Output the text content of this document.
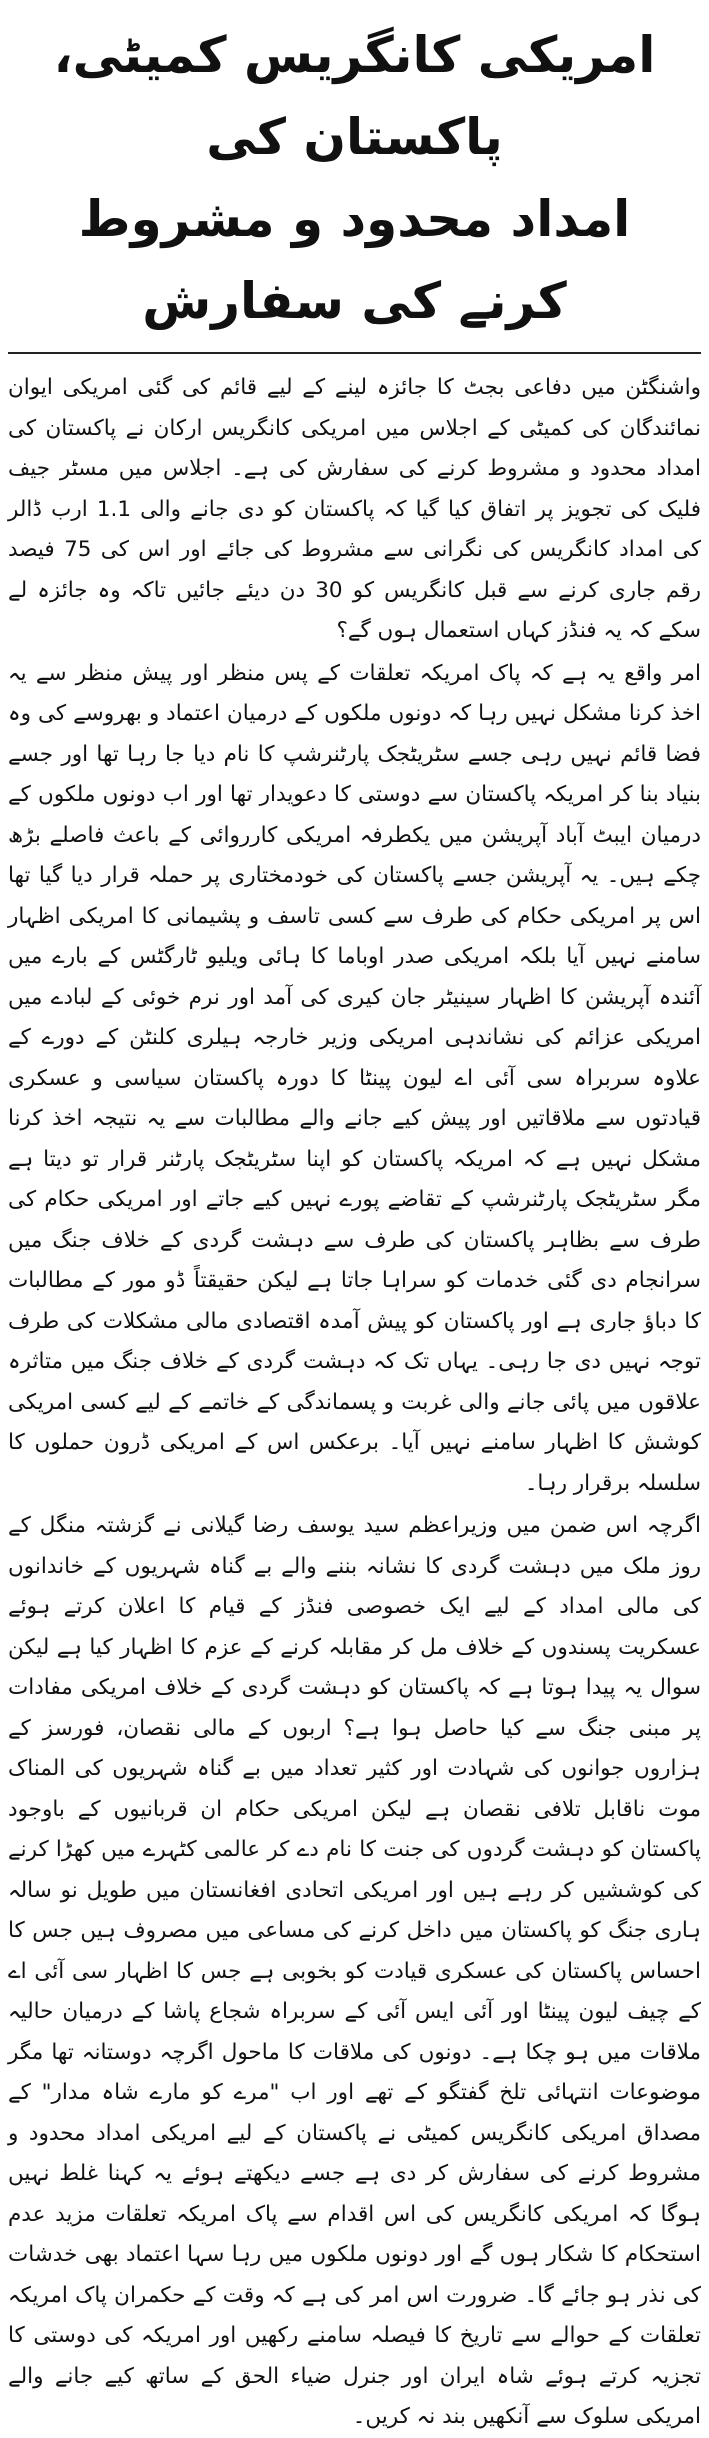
امریکی کانگریس کمیٹی، پاکستان کی
امداد محدود و مشروط کرنے کی سفارش

واشنگٹن میں دفاعی بجٹ کا جائزہ لینے کے لیے قائم کی گئی امریکی ایوان نمائندگان کی کمیٹی کے اجلاس میں امریکی کانگریس ارکان نے پاکستان کی امداد محدود و مشروط کرنے کی سفارش کی ہے۔ اجلاس میں مسٹر جیف فلیک کی تجویز پر اتفاق کیا گیا کہ پاکستان کو دی جانے والی 1.1 ارب ڈالر کی امداد کانگریس کی نگرانی سے مشروط کی جائے اور اس کی 75 فیصد رقم جاری کرنے سے قبل کانگریس کو 30 دن دیئے جائیں تاکہ وہ جائزہ لے سکے کہ یہ فنڈز کہاں استعمال ہوں گے؟

امر واقع یہ ہے کہ پاک امریکہ تعلقات کے پس منظر اور پیش منظر سے یہ اخذ کرنا مشکل نہیں رہا کہ دونوں ملکوں کے درمیان اعتماد و بھروسے کی وہ فضا قائم نہیں رہی جسے سٹریٹجک پارٹنرشپ کا نام دیا جا رہا تھا اور جسے بنیاد بنا کر امریکہ پاکستان سے دوستی کا دعویدار تھا اور اب دونوں ملکوں کے درمیان ایبٹ آباد آپریشن میں یکطرفہ امریکی کارروائی کے باعث فاصلے بڑھ چکے ہیں۔ یہ آپریشن جسے پاکستان کی خودمختاری پر حملہ قرار دیا گیا تھا اس پر امریکی حکام کی طرف سے کسی تاسف و پشیمانی کا امریکی اظہار سامنے نہیں آیا بلکہ امریکی صدر اوباما کا ہائی ویلیو ٹارگٹس کے بارے میں آئندہ آپریشن کا اظہار سینیٹر جان کیری کی آمد اور نرم خوئی کے لبادے میں امریکی عزائم کی نشاندہی امریکی وزیر خارجہ ہیلری کلنٹن کے دورے کے علاوہ سربراہ سی آئی اے لیون پینٹا کا دورہ پاکستان سیاسی و عسکری قیادتوں سے ملاقاتیں اور پیش کیے جانے والے مطالبات سے یہ نتیجہ اخذ کرنا مشکل نہیں ہے کہ امریکہ پاکستان کو اپنا سٹریٹجک پارٹنر قرار تو دیتا ہے مگر سٹریٹجک پارٹنرشپ کے تقاضے پورے نہیں کیے جاتے اور امریکی حکام کی طرف سے بظاہر پاکستان کی طرف سے دہشت گردی کے خلاف جنگ میں سرانجام دی گئی خدمات کو سراہا جاتا ہے لیکن حقیقتاً ڈو مور کے مطالبات کا دباؤ جاری ہے اور پاکستان کو پیش آمدہ اقتصادی مالی مشکلات کی طرف توجہ نہیں دی جا رہی۔ یہاں تک کہ دہشت گردی کے خلاف جنگ میں متاثرہ علاقوں میں پائی جانے والی غربت و پسماندگی کے خاتمے کے لیے کسی امریکی کوشش کا اظہار سامنے نہیں آیا۔ برعکس اس کے امریکی ڈرون حملوں کا سلسلہ برقرار رہا۔

اگرچہ اس ضمن میں وزیراعظم سید یوسف رضا گیلانی نے گزشتہ منگل کے روز ملک میں دہشت گردی کا نشانہ بننے والے بے گناہ شہریوں کے خاندانوں کی مالی امداد کے لیے ایک خصوصی فنڈز کے قیام کا اعلان کرتے ہوئے عسکریت پسندوں کے خلاف مل کر مقابلہ کرنے کے عزم کا اظہار کیا ہے لیکن سوال یہ پیدا ہوتا ہے کہ پاکستان کو دہشت گردی کے خلاف امریکی مفادات پر مبنی جنگ سے کیا حاصل ہوا ہے؟ اربوں کے مالی نقصان، فورسز کے ہزاروں جوانوں کی شہادت اور کثیر تعداد میں بے گناہ شہریوں کی المناک موت ناقابل تلافی نقصان ہے لیکن امریکی حکام ان قربانیوں کے باوجود پاکستان کو دہشت گردوں کی جنت کا نام دے کر عالمی کٹہرے میں کھڑا کرنے کی کوششیں کر رہے ہیں اور امریکی اتحادی افغانستان میں طویل نو سالہ ہاری جنگ کو پاکستان میں داخل کرنے کی مساعی میں مصروف ہیں جس کا احساس پاکستان کی عسکری قیادت کو بخوبی ہے جس کا اظہار سی آئی اے کے چیف لیون پینٹا اور آئی ایس آئی کے سربراہ شجاع پاشا کے درمیان حالیہ ملاقات میں ہو چکا ہے۔ دونوں کی ملاقات کا ماحول اگرچہ دوستانہ تھا مگر موضوعات انتہائی تلخ گفتگو کے تھے اور اب "مرے کو مارے شاہ مدار" کے مصداق امریکی کانگریس کمیٹی نے پاکستان کے لیے امریکی امداد محدود و مشروط کرنے کی سفارش کر دی ہے جسے دیکھتے ہوئے یہ کہنا غلط نہیں ہوگا کہ امریکی کانگریس کی اس اقدام سے پاک امریکہ تعلقات مزید عدم استحکام کا شکار ہوں گے اور دونوں ملکوں میں رہا سہا اعتماد بھی خدشات کی نذر ہو جائے گا۔ ضرورت اس امر کی ہے کہ وقت کے حکمران پاک امریکہ تعلقات کے حوالے سے تاریخ کا فیصلہ سامنے رکھیں اور امریکہ کی دوستی کا تجزیہ کرتے ہوئے شاہ ایران اور جنرل ضیاء الحق کے ساتھ کیے جانے والے امریکی سلوک سے آنکھیں بند نہ کریں۔
